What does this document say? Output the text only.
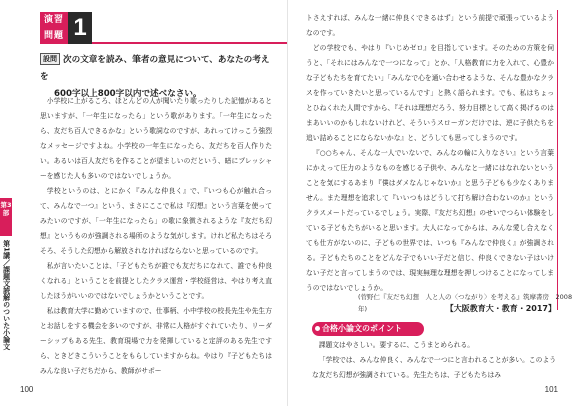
演習
問題 1
設問 次の文章を読み、筆者の意見について、あなたの考えを
600字以上800字以内で述べなさい。

小学校に上がるころ、ほとんどの人が聞いたり歌ったりした記憶があると思いますが、「一年生になったら」という歌があります。「一年生になったら、友だち百人できるかな」という歌詞なのですが、あれってけっこう強烈なメッセージですよね。小学校の一年生になったら、友だちを百人作りたい。あるいは百人友だちを作ることが望ましいのだという、暗にプレッシャーを感じた人も多いのではないでしょうか。

学校というのは、とにかく『みんな仲良く』で、『いつも心が触れ合って、みんなで一つ』という、まさにここで私は『幻想』という言葉を使ってみたいのですが、「一年生になったら」の歌に象徴されるような『友だち幻想』というものが強調される場所のような気がします。けれど私たちはそろそろ、そうした幻想から解放されなければならないと思っているのです。

私が言いたいことは、「子どもたちが誰でも友だちになれて、誰でも仲良くなれる」ということを前提としたクラス運営・学校経営は、やはり考え直したほうがいいのではないでしょうかということです。

私は教育大学に勤めていますので、仕事柄、小中学校の校長先生や先生方とお話しをする機会を多いのですが、非常に人格がすぐれていたり、リーダーシップもある先生、教育現場で力を発揮していると定評のある先生ですら、ときどきこういうことをもらしていますからね。やはり『子どもたちはみんな良い子だちだから、教師がサポー

第3部
第1講／課題文読解のついた小論文
100

トさえすれば、みんな一緒に仲良くできるはず」という前提で頑張っているようなのです。

どの学校でも、やはり『いじめゼロ』を目指しています。そのための方策を伺うと、「それにはみんなで一つになって」とか、「人格教育に力を入れて、心豊かな子どもたちを育てたい」「みんなで心を通い合わせるような、そんな豊かなクラスを作っていきたいと思っているんです」と熱く語られます。でも、私はちょっとひねくれた人間ですから、『それは理想だろう、努力目標として高く掲げるのはまあいいのかもしれないけれど、そういうスローガンだけでは、逆に子供たちを追い詰めることにならないかな』と、どうしても思ってしまうのです。

『○○ちゃん、そんな一人でいないで、みんなの輪に入りなさい』という言葉にかえって圧力のようなものを感じる子供や、みんなと一緒にはなれないということを気にするあまり『僕はダメなんじゃないか』と思う子どもも少なくありません。また理想を追求して『いいつもはどうして打ち解け合わないのか』というクラスメートだっているでしょう。実際、『友だち幻想』のせいでつらい体験をしている子どもたちがいると思います。大人になってからは、みんな愛し合えなくても仕方がないのに、子どもの世界では、いつも『みんなで仲良く』が強調される。子どもたちのことをどんな子でもいい子だと信じ、仲良くできない子はいけない子だと言ってしまうのでは、現実無理な理想を押しつけることになってしまうのではないでしょうか。

(菅野仁『友だち幻想　人と人の〈つながり〉を考える』筑摩書房　2008年)	【大阪教育大・教育・2017】
合格小論文のポイント

課題文はやさしい。要するに、こうまとめられる。

「学校では、みんな仲良く、みんなで一つにと言われることが多い。このような友だち幻想が強調されている。先生たちは、子どもたちはみ

101
